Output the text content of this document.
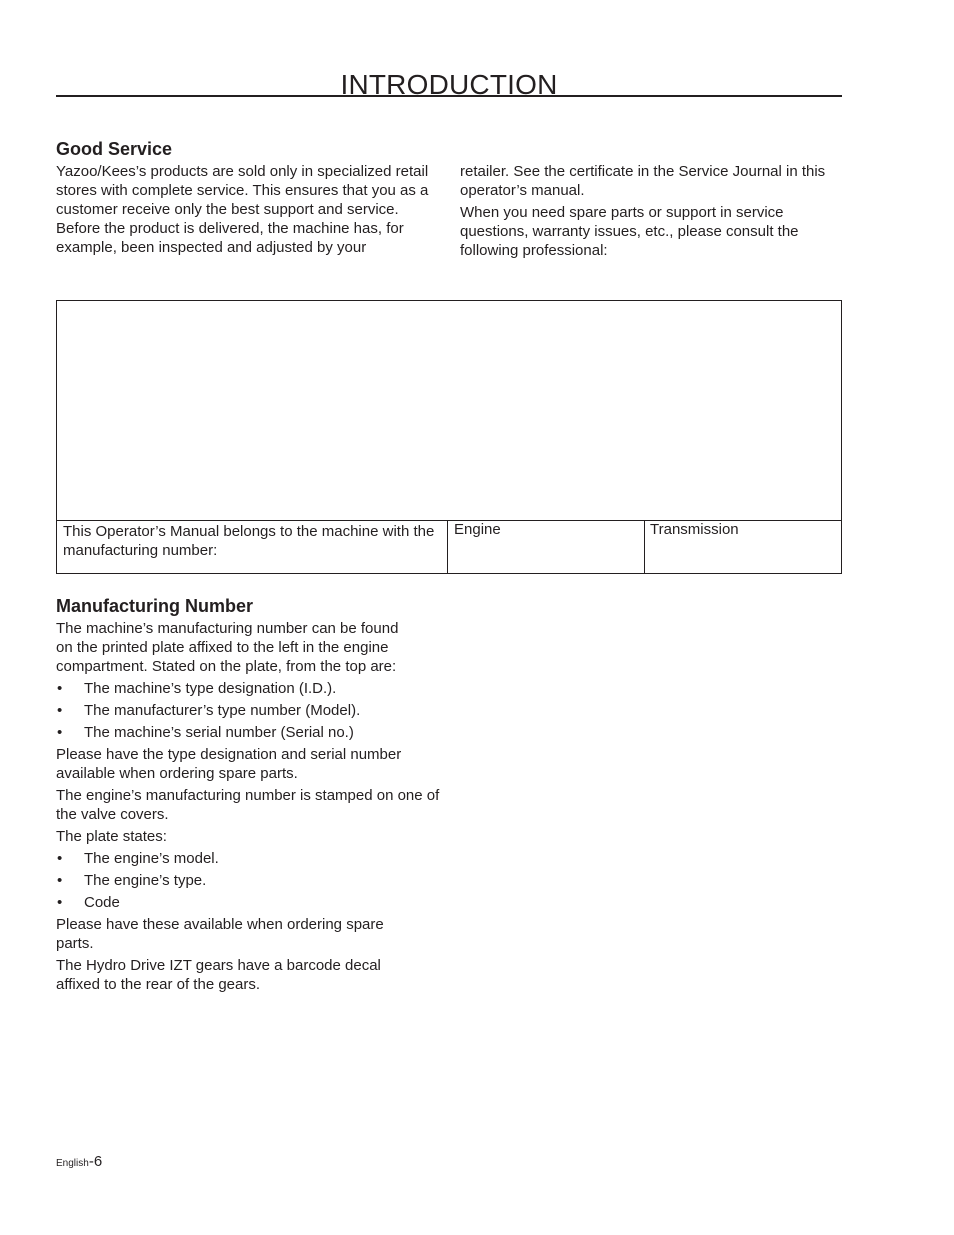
INTRODUCTION
Good Service

Yazoo/Kees’s products are sold only in specialized retail stores with complete service. This ensures that you as a customer receive only the best support and service. Before the product is delivered, the machine has, for example, been inspected and adjusted by your

retailer. See the certificate in the Service Journal in this operator’s manual.

When you need spare parts or support in service questions, warranty issues, etc., please consult the following professional:

This Operator’s Manual belongs to the machine with the manufacturing number:
Engine	Transmission
Manufacturing Number

The machine’s manufacturing number can be found on the printed plate affixed to the left in the engine compartment. Stated on the plate, from the top are:

• The machine’s type designation (I.D.).
• The manufacturer’s type number (Model).
• The machine’s serial number (Serial no.)

Please have the type designation and serial number available when ordering spare parts.

The engine’s manufacturing number is stamped on one of the valve covers.

The plate states:

• The engine’s model.
• The engine’s type.
• Code

Please have these available when ordering spare parts.

The Hydro Drive IZT gears have a barcode decal affixed to the rear of the gears.

English-6
